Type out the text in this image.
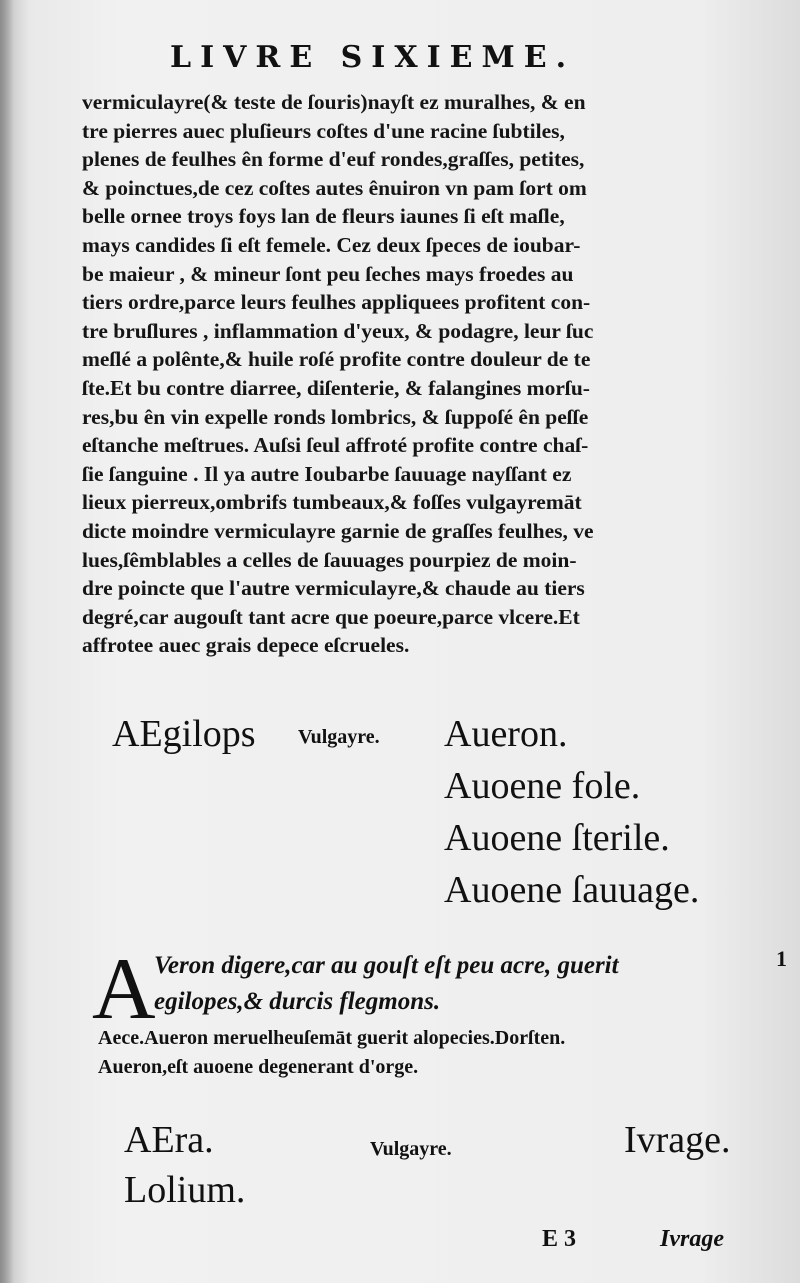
LIVRE SIXIEME.
vermiculayre(& teste de ſouris)nayſt ez muralhes, & en
tre pierres auec pluſieurs coſtes d'une racine ſubtiles,
plenes de feulhes ên forme d'euf rondes,graſſes, petites,
& poinctues,de cez coſtes autes ênuiron vn pam ſort om
belle ornee troys foys lan de fleurs iaunes ſi eſt maſle,
mays candides ſi eſt femele. Cez deux ſpeces de ioubar-
be maieur , & mineur ſont peu ſeches mays froedes au
tiers ordre,parce leurs feulhes appliquees profitent con-
tre bruſlures , inflammation d'yeux, & podagre, leur ſuc
meſlé a polênte,& huile roſé profite contre douleur de te
ſte.Et bu contre diarree, diſenterie, & falangines morſu-
res,bu ên vin expelle ronds lombrics, & ſuppoſé ên peſſe
eſtanche meſtrues. Auſsi ſeul affroté profite contre chaſ-
ſie ſanguine . Il ya autre Ioubarbe ſauuage nayſſant ez
lieux pierreux,ombrifs tumbeaux,& foſſes vulgayremāt
dicte moindre vermiculayre garnie de graſſes feulhes, ve
lues,ſêmblables a celles de ſauuages pourpiez de moin-
dre poincte que l'autre vermiculayre,& chaude au tiers
degré,car augouſt tant acre que poeure,parce vlcere.Et
affrotee auec grais depece eſcrueles.
AEgilops Vulgayre. Aueron.
Auoene fole.
Auoene ſterile.
Auoene ſauuage.
1
A
Veron digere,car au gouſt eſt peu acre, guerit
egilopes,& durcis flegmons.
Aece.Aueron meruelheuſemāt guerit alopecies.Dorſten.
Aueron,eſt auoene degenerant d'orge.
AEra.
Lolium.
Vulgayre.	Ivrage.
E 3	Ivrage
